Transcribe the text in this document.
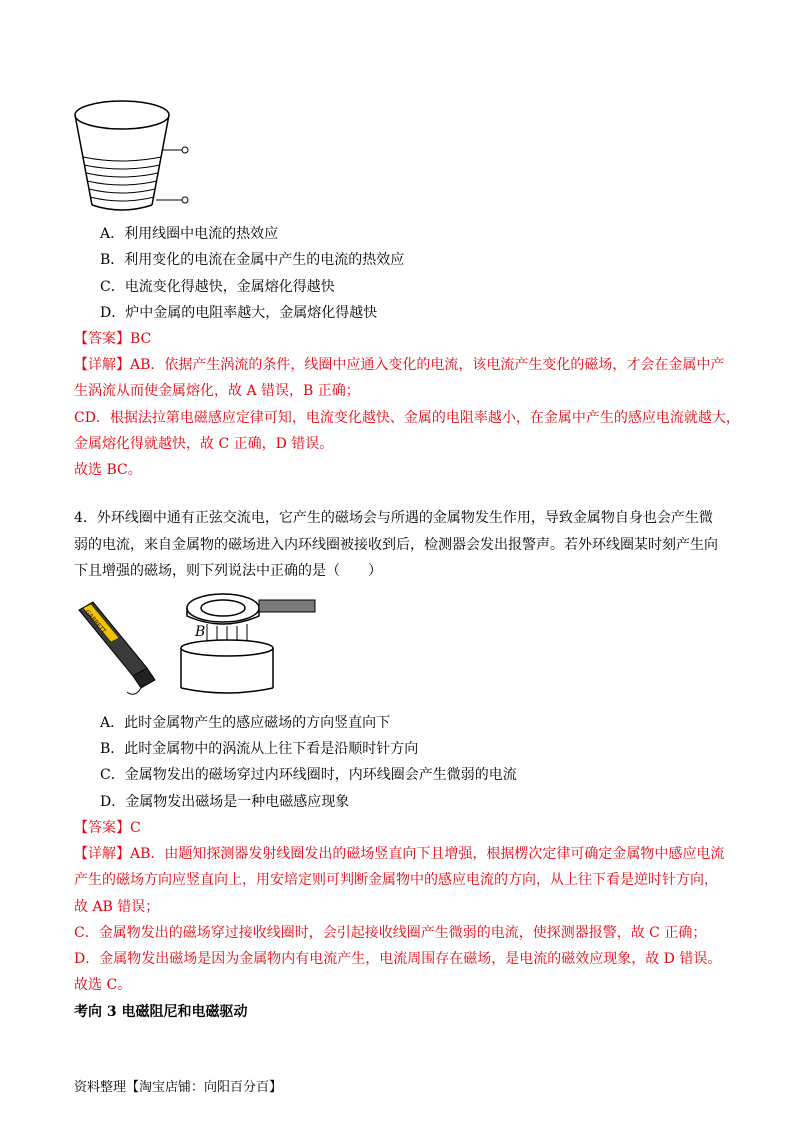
A．利用线圈中电流的热效应
B．利用变化的电流在金属中产生的电流的热效应
C．电流变化得越快，金属熔化得越快
D．炉中金属的电阻率越大，金属熔化得越快
【答案】BC
【详解】AB．依据产生涡流的条件，线圈中应通入变化的电流，该电流产生变化的磁场，才会在金属中产
生涡流从而使金属熔化，故 A 错误，B 正确；
CD．根据法拉第电磁感应定律可知，电流变化越快、金属的电阻率越小，在金属中产生的感应电流就越大，
金属熔化得就越快，故 C 正确，D 错误。
故选 BC。
4．外环线圈中通有正弦交流电，它产生的磁场会与所遇的金属物发生作用，导致金属物自身也会产生微
弱的电流，来自金属物的磁场进入内环线圈被接收到后，检测器会发出报警声。若外环线圈某时刻产生向
下且增强的磁场，则下列说法中正确的是（　　）
GARRETT	B
A．此时金属物产生的感应磁场的方向竖直向下
B．此时金属物中的涡流从上往下看是沿顺时针方向
C．金属物发出的磁场穿过内环线圈时，内环线圈会产生微弱的电流
D．金属物发出磁场是一种电磁感应现象
【答案】C
【详解】AB．由题知探测器发射线圈发出的磁场竖直向下且增强，根据楞次定律可确定金属物中感应电流
产生的磁场方向应竖直向上，用安培定则可判断金属物中的感应电流的方向，从上往下看是逆时针方向，
故 AB 错误；
C．金属物发出的磁场穿过接收线圈时，会引起接收线圈产生微弱的电流，使探测器报警，故 C 正确；
D．金属物发出磁场是因为金属物内有电流产生，电流周围存在磁场，是电流的磁效应现象，故 D 错误。
故选 C。
考向 3 电磁阻尼和电磁驱动
资料整理【淘宝店铺：向阳百分百】
